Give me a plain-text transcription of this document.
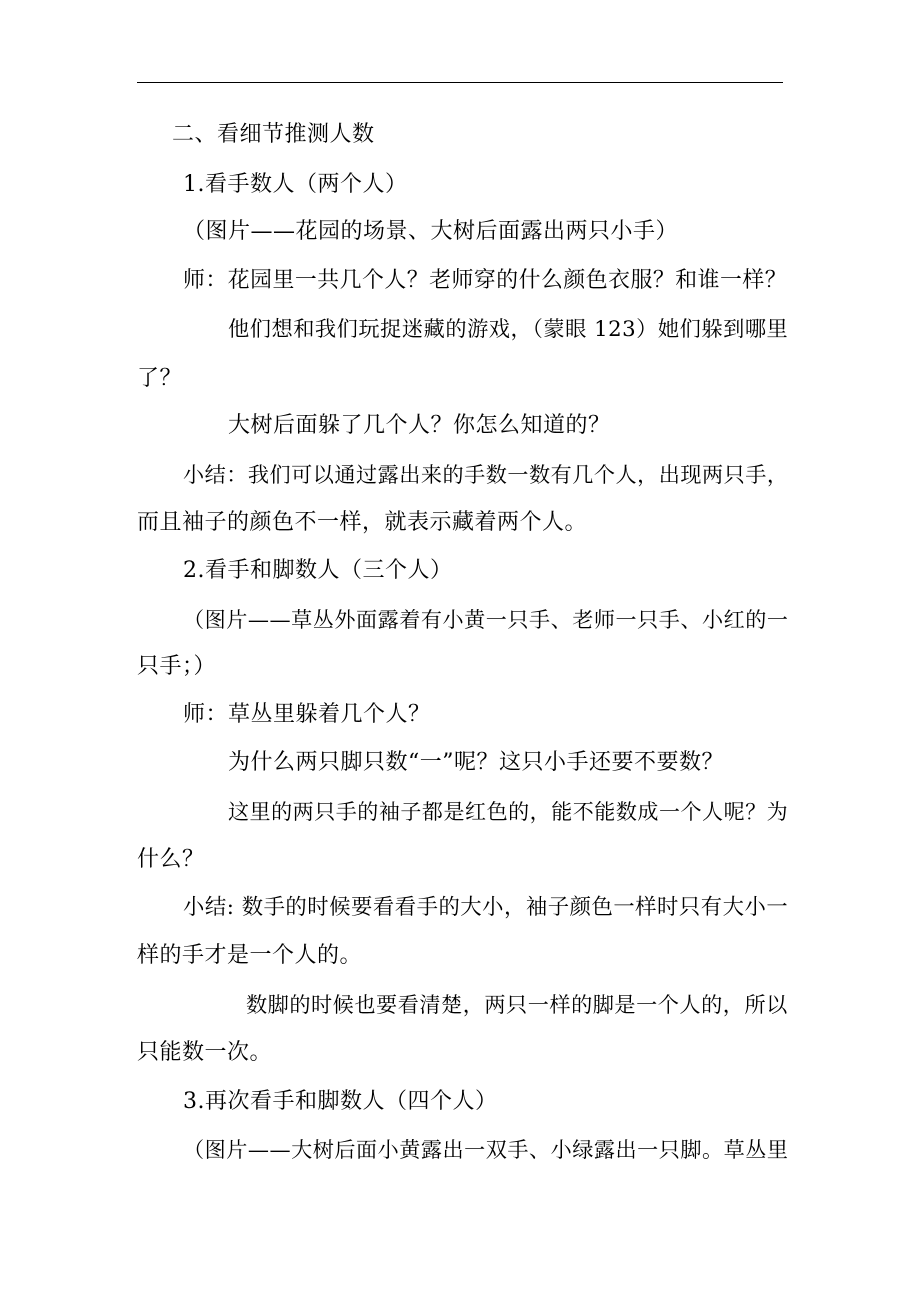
二、看细节推测人数
1.看手数人（两个人）
（图片——花园的场景、大树后面露出两只小手）
师：花园里一共几个人？老师穿的什么颜色衣服？和谁一样？
他们想和我们玩捉迷藏的游戏，（蒙眼 123）她们躲到哪里
了？
大树后面躲了几个人？你怎么知道的？
小结：我们可以通过露出来的手数一数有几个人，出现两只手，
而且袖子的颜色不一样，就表示藏着两个人。
2.看手和脚数人（三个人）
（图片——草丛外面露着有小黄一只手、老师一只手、小红的一
只手；）
师：草丛里躲着几个人？
为什么两只脚只数“一”呢？这只小手还要不要数？
这里的两只手的袖子都是红色的，能不能数成一个人呢？为
什么？
小结: 数手的时候要看看手的大小，袖子颜色一样时只有大小一
样的手才是一个人的。
数脚的时候也要看清楚，两只一样的脚是一个人的，所以
只能数一次。
3.再次看手和脚数人（四个人）
（图片——大树后面小黄露出一双手、小绿露出一只脚。草丛里
